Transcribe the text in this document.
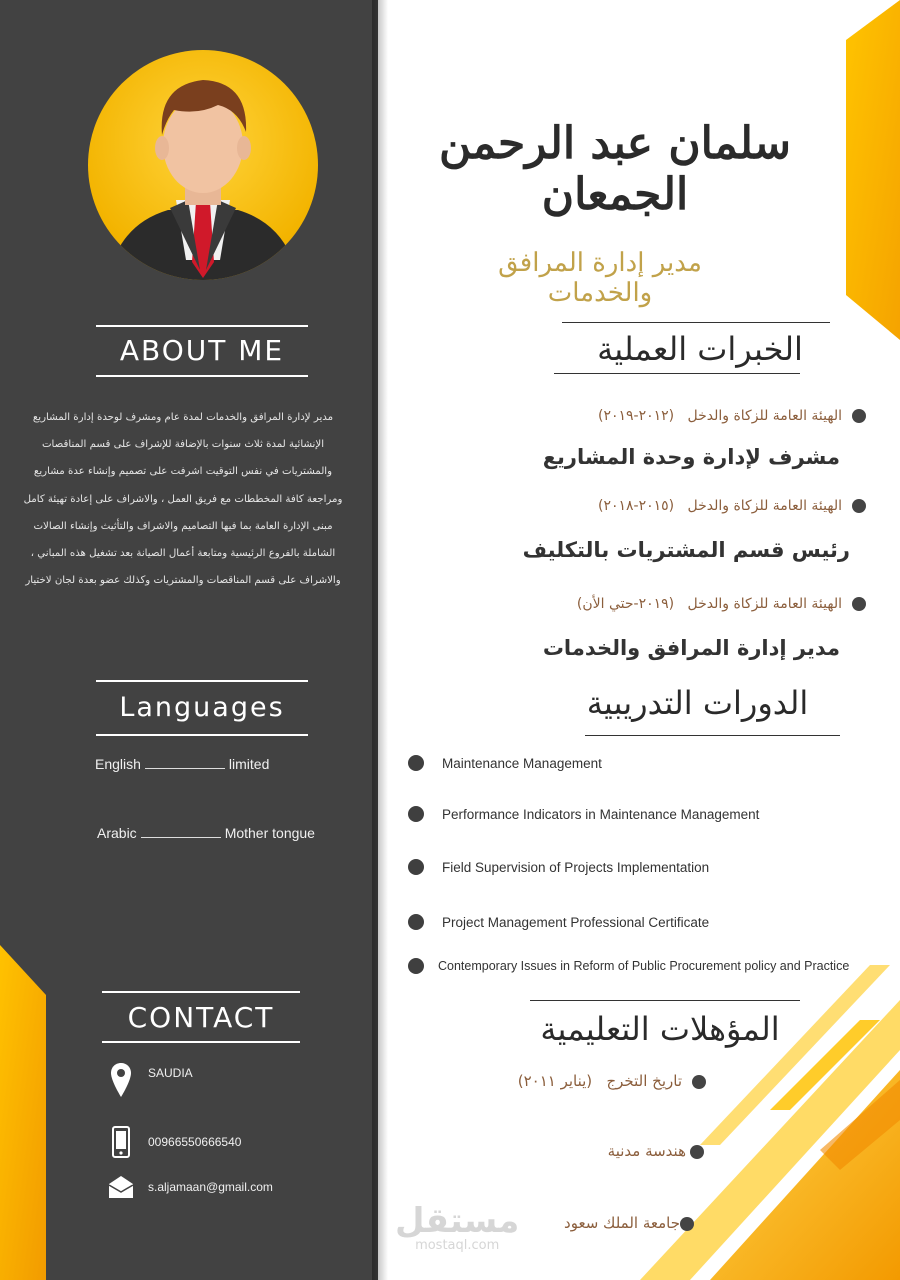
ABOUT ME

مدير لإدارة المرافق والخدمات لمدة عام ومشرف لوحدة إدارة المشاريع الإنشائية لمدة ثلاث سنوات بالإضافة للإشراف على قسم المناقصات والمشتريات في نفس التوقيت اشرفت على تصميم وإنشاء عدة مشاريع ومراجعة كافة المخططات مع فريق العمل ، والاشراف على إعادة تهيئة كامل مبنى الإدارة العامة بما فيها التصاميم والاشراف والتأثيث وإنشاء الصالات الشاملة بالفروع الرئيسية ومتابعة أعمال الصيانة بعد تشغيل هذه المباني ، والاشراف على قسم المناقصات والمشتريات وكذلك عضو بعدة لجان لاختيار

Languages
English	limited
Arabic	Mother tongue
CONTACT
SAUDIA
00966550666540
s.aljamaan@gmail.com
سلمان عبد الرحمن الجمعان
مدير إدارة المرافق والخدمات
الخبرات العملية
الهيئة العامة للزكاة والدخل   (٢٠١٢-٢٠١٩)
مشرف لإدارة وحدة المشاريع
الهيئة العامة للزكاة والدخل   (٢٠١٥-٢٠١٨)
رئيس قسم المشتريات بالتكليف
الهيئة العامة للزكاة والدخل   (٢٠١٩-حتي الأن)
مدير إدارة المرافق والخدمات
الدورات التدريبية
Maintenance Management
Performance Indicators in Maintenance Management
Field Supervision of Projects Implementation
Project Management Professional Certificate
Contemporary Issues in Reform of Public Procurement policy and Practice
المؤهلات التعليمية
تاريخ التخرج   (يناير ٢٠١١)
هندسة مدنية
جامعة الملك سعود
مستقل
mostaql.com
